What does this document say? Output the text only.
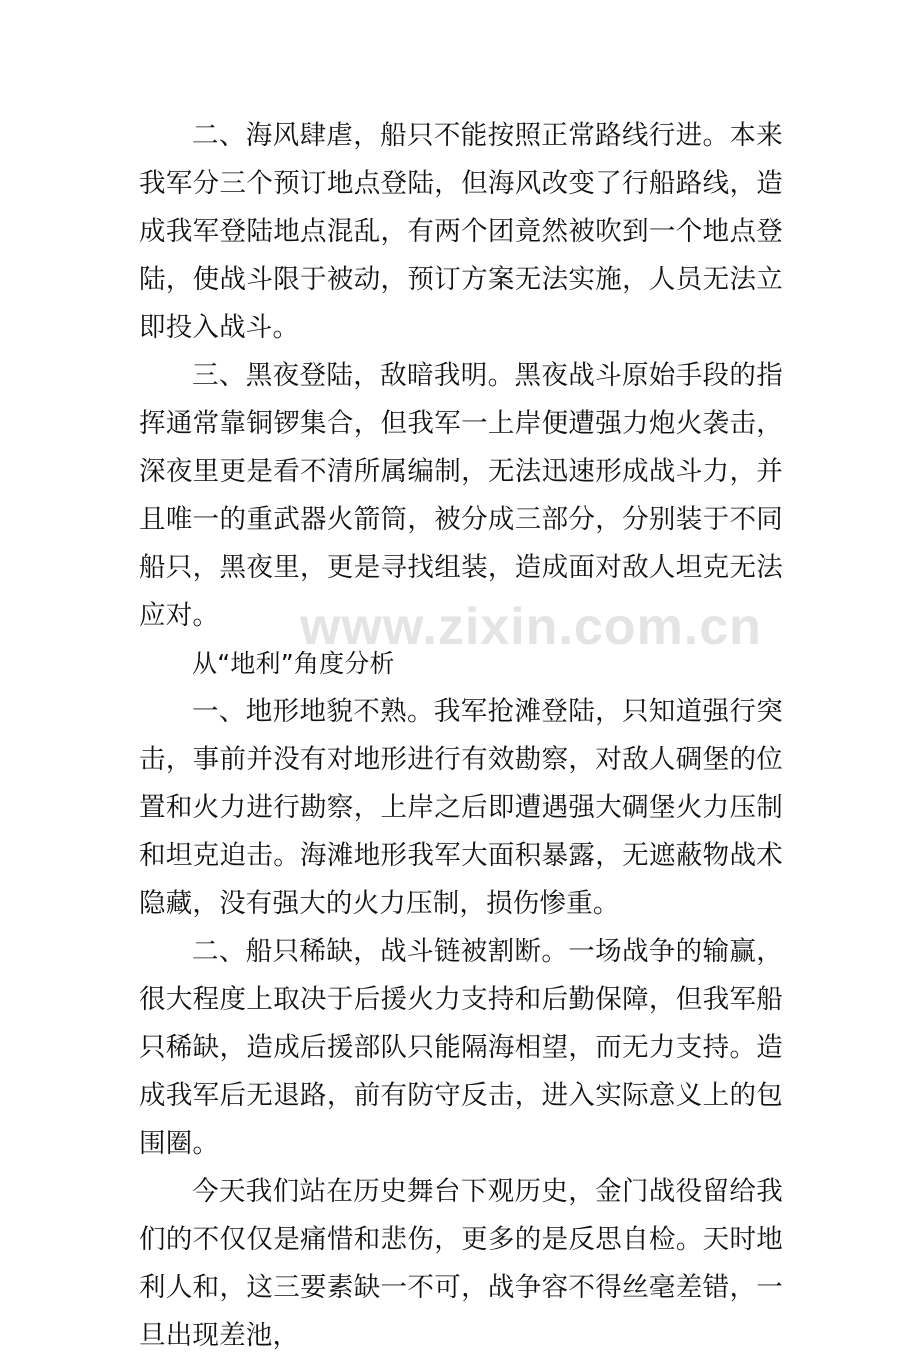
www.zixin.com.cn

二、海风肆虐，船只不能按照正常路线行进。本来我军分三个预订地点登陆，但海风改变了行船路线，造成我军登陆地点混乱，有两个团竟然被吹到一个地点登陆，使战斗限于被动，预订方案无法实施，人员无法立即投入战斗。

三、黑夜登陆，敌暗我明。黑夜战斗原始手段的指挥通常靠铜锣集合，但我军一上岸便遭强力炮火袭击，深夜里更是看不清所属编制，无法迅速形成战斗力，并且唯一的重武器火箭筒，被分成三部分，分别装于不同船只，黑夜里，更是寻找组装，造成面对敌人坦克无法应对。

从“地利”角度分析

一、地形地貌不熟。我军抢滩登陆，只知道强行突击，事前并没有对地形进行有效勘察，对敌人碉堡的位置和火力进行勘察，上岸之后即遭遇强大碉堡火力压制和坦克迫击。海滩地形我军大面积暴露，无遮蔽物战术隐藏，没有强大的火力压制，损伤惨重。

二、船只稀缺，战斗链被割断。一场战争的输赢，很大程度上取决于后援火力支持和后勤保障，但我军船只稀缺，造成后援部队只能隔海相望，而无力支持。造成我军后无退路，前有防守反击，进入实际意义上的包围圈。

今天我们站在历史舞台下观历史，金门战役留给我们的不仅仅是痛惜和悲伤，更多的是反思自检。天时地利人和，这三要素缺一不可，战争容不得丝毫差错，一旦出现差池，
